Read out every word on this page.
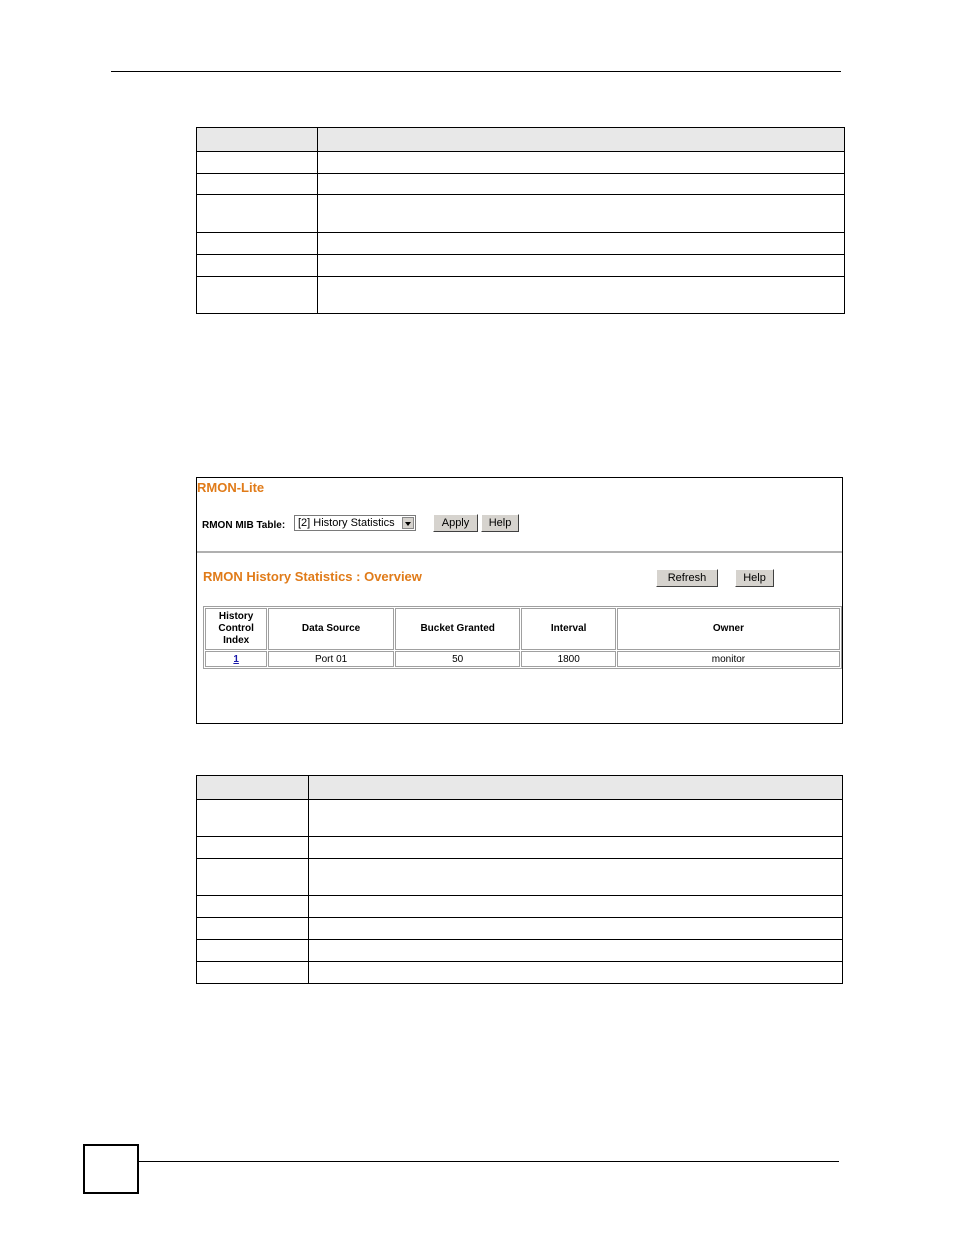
RMON-Lite
RMON MIB Table: [2] History Statistics	Apply	Help
RMON History Statistics : Overview	Refresh	Help
History Control Index	Data Source	Bucket Granted	Interval	Owner
1	Port 01	50	1800	monitor
